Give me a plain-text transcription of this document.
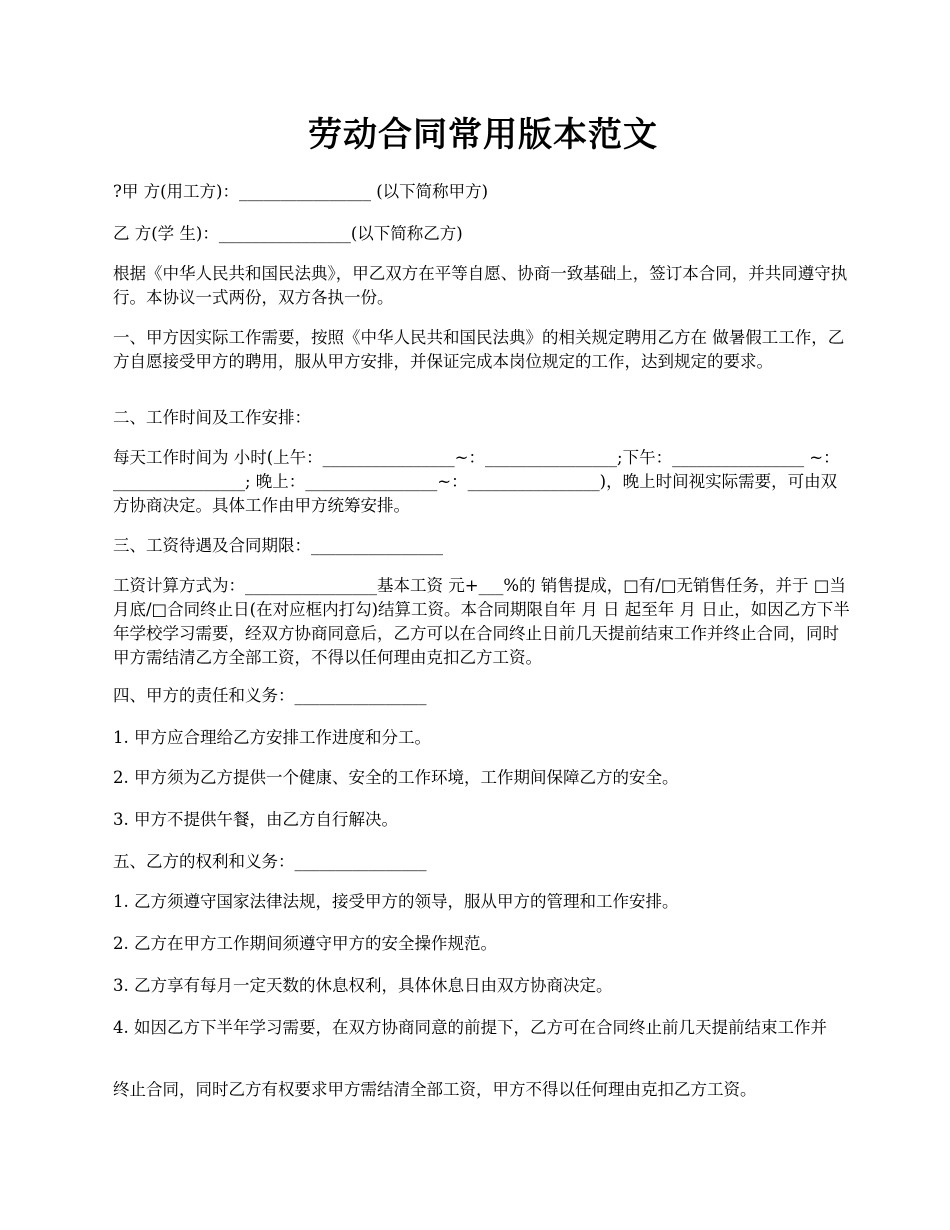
劳动合同常用版本范文

?甲 方(用工方)：________________ (以下简称甲方)

乙 方(学 生)：________________(以下简称乙方)

根据《中华人民共和国民法典》，甲乙双方在平等自愿、协商一致基础上，签订本合同，并共同遵守执行。本协议一式两份，双方各执一份。

一、甲方因实际工作需要，按照《中华人民共和国民法典》的相关规定聘用乙方在 做暑假工工作，乙方自愿接受甲方的聘用，服从甲方安排，并保证完成本岗位规定的工作，达到规定的要求。

二、工作时间及工作安排：

每天工作时间为 小时(上午：________________~：________________;下午：________________ ~：________________; 晚上：________________~：________________)，晚上时间视实际需要，可由双方协商决定。具体工作由甲方统筹安排。

三、工资待遇及合同期限：________________

工资计算方式为：________________基本工资 元+___%的 销售提成，□有/□无销售任务，并于 □当月底/□合同终止日(在对应框内打勾)结算工资。本合同期限自年 月 日 起至年 月 日止，如因乙方下半年学校学习需要，经双方协商同意后，乙方可以在合同终止日前几天提前结束工作并终止合同，同时甲方需结清乙方全部工资，不得以任何理由克扣乙方工资。

四、甲方的责任和义务：________________

1. 甲方应合理给乙方安排工作进度和分工。

2. 甲方须为乙方提供一个健康、安全的工作环境，工作期间保障乙方的安全。

3. 甲方不提供午餐，由乙方自行解决。

五、乙方的权利和义务：________________

1. 乙方须遵守国家法律法规，接受甲方的领导，服从甲方的管理和工作安排。

2. 乙方在甲方工作期间须遵守甲方的安全操作规范。

3. 乙方享有每月一定天数的休息权利，具体休息日由双方协商决定。

4. 如因乙方下半年学习需要，在双方协商同意的前提下，乙方可在合同终止前几天提前结束工作并

终止合同，同时乙方有权要求甲方需结清全部工资，甲方不得以任何理由克扣乙方工资。
